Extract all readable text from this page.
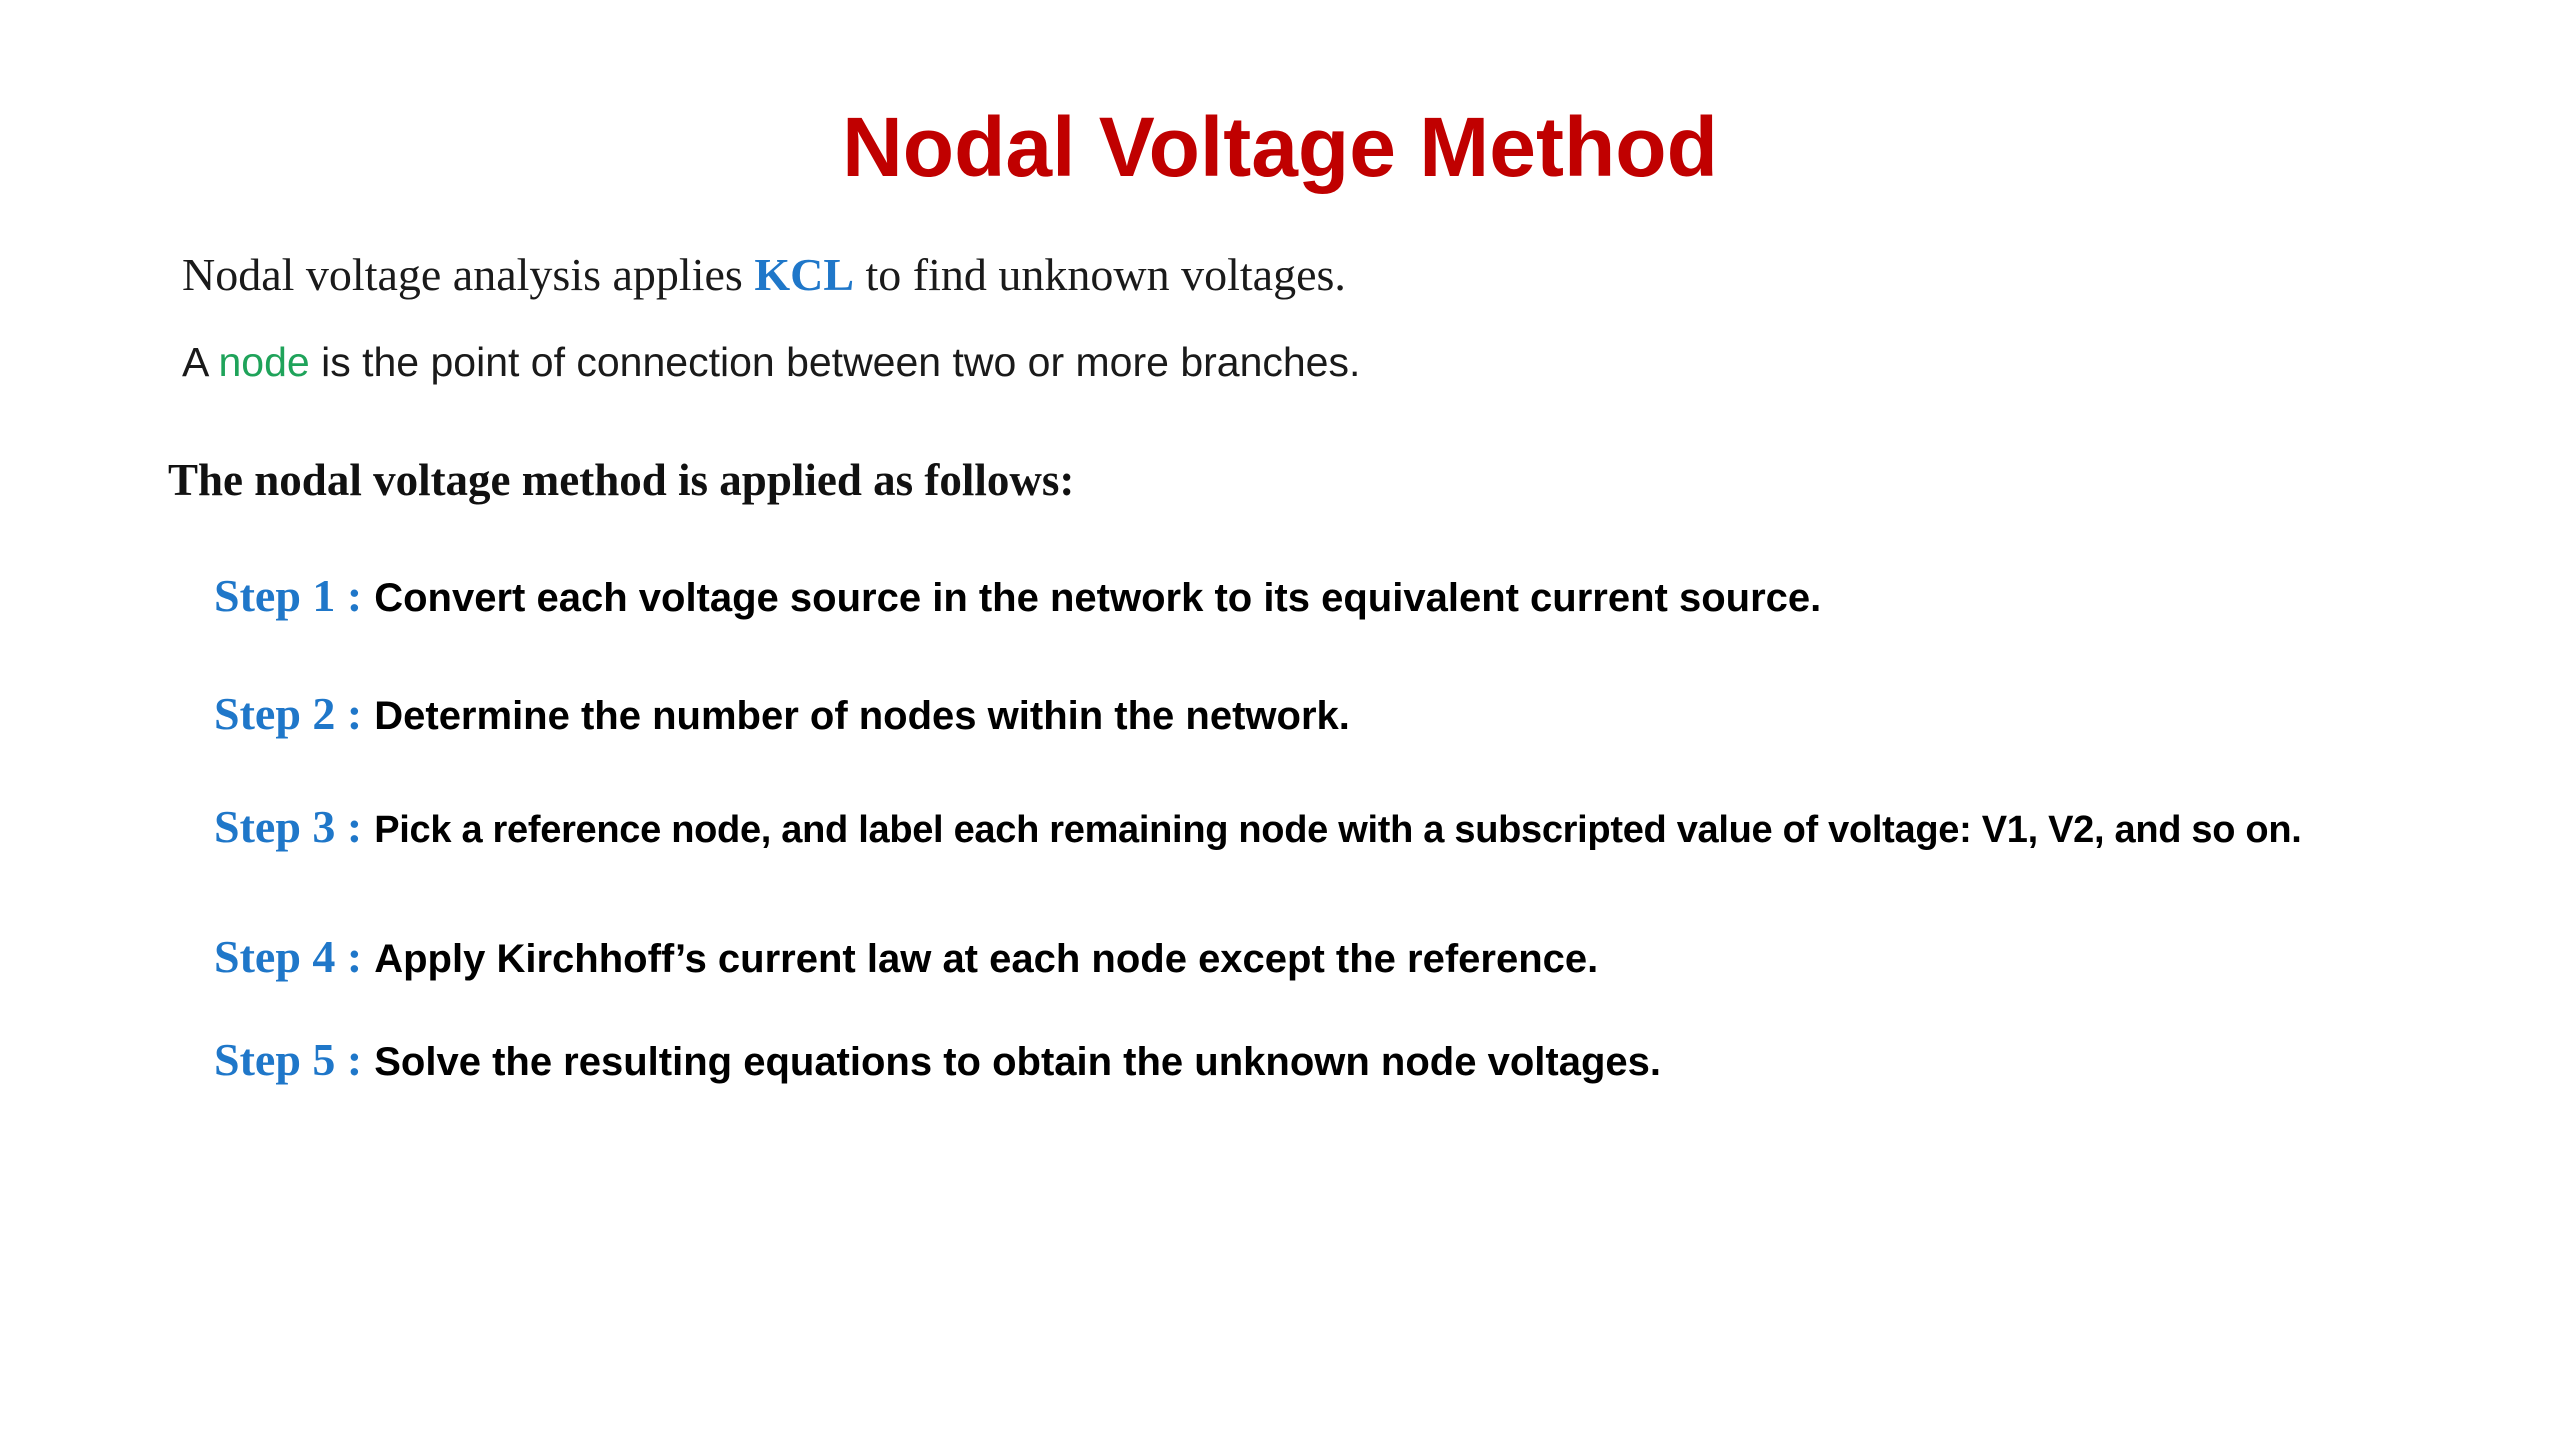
Nodal Voltage Method
Nodal voltage analysis applies KCL to find unknown voltages.
A node is the point of connection between two or more branches.
The nodal voltage method is applied as follows:
Step 1 : Convert each voltage source in the network to its equivalent current source.
Step 2 : Determine the number of nodes within the network.
Step 3 : Pick a reference node, and label each remaining node with a subscripted value of voltage: V1, V2, and so on.
Step 4 : Apply Kirchhoff’s current law at each node except the reference.
Step 5 : Solve the resulting equations to obtain the unknown node voltages.
